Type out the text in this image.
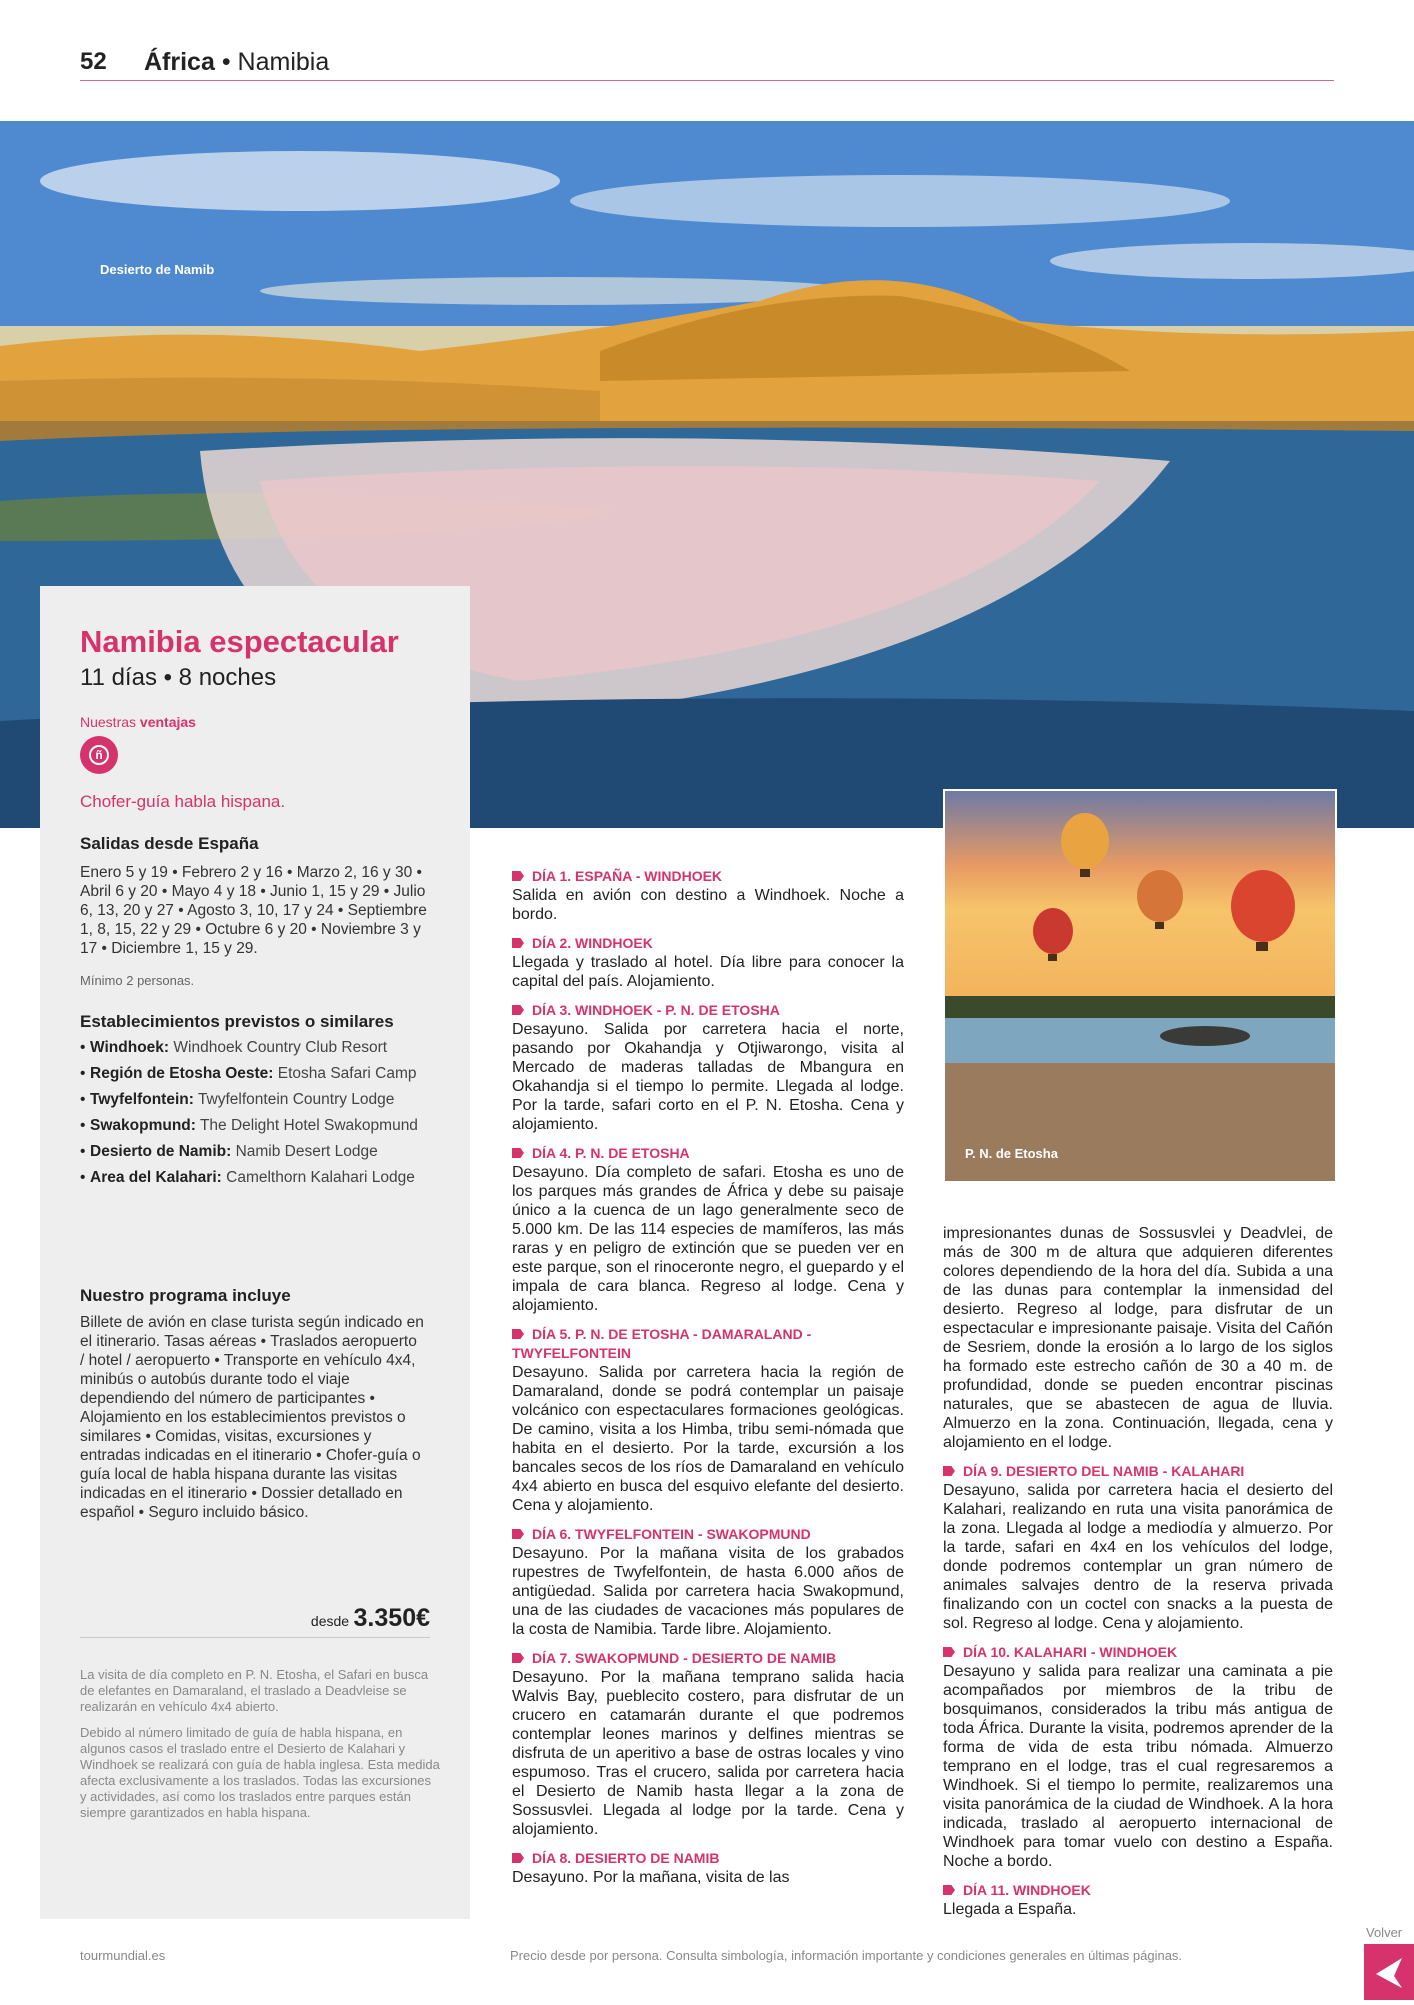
52 África • Namibia
Desierto de Namib
Namibia espectacular
11 días • 8 noches
Nuestras ventajas
ñ
Chofer-guía habla hispana.
Salidas desde España
Enero 5 y 19 • Febrero 2 y 16 • Marzo 2, 16 y 30 • Abril 6 y 20 • Mayo 4 y 18 • Junio 1, 15 y 29 • Julio 6, 13, 20 y 27 • Agosto 3, 10, 17 y 24 • Septiembre 1, 8, 15, 22 y 29 • Octubre 6 y 20 • Noviembre 3 y 17 • Diciembre 1, 15 y 29.
Mínimo 2 personas.
Establecimientos previstos o similares
• Windhoek: Windhoek Country Club Resort
• Región de Etosha Oeste: Etosha Safari Camp
• Twyfelfontein: Twyfelfontein Country Lodge
• Swakopmund: The Delight Hotel Swakopmund
• Desierto de Namib: Namib Desert Lodge
• Area del Kalahari: Camelthorn Kalahari Lodge
Nuestro programa incluye
Billete de avión en clase turista según indicado en el itinerario. Tasas aéreas • Traslados aeropuerto / hotel / aeropuerto • Transporte en vehículo 4x4, minibús o autobús durante todo el viaje dependiendo del número de participantes • Alojamiento en los establecimientos previstos o similares • Comidas, visitas, excursiones y entradas indicadas en el itinerario • Chofer-guía o guía local de habla hispana durante las visitas indicadas en el itinerario • Dossier detallado en español • Seguro incluido básico.
desde 3.350€
La visita de día completo en P. N. Etosha, el Safari en busca de elefantes en Damaraland, el traslado a Deadvleise se realizarán en vehículo 4x4 abierto.
Debido al número limitado de guía de habla hispana, en algunos casos el traslado entre el Desierto de Kalahari y Windhoek se realizará con guía de habla inglesa. Esta medida afecta exclusivamente a los traslados. Todas las excursiones y actividades, así como los traslados entre parques están siempre garantizados en habla hispana.
DÍA 1. ESPAÑA - WINDHOEK

Salida en avión con destino a Windhoek. Noche a bordo.

DÍA 2. WINDHOEK

Llegada y traslado al hotel. Día libre para conocer la capital del país. Alojamiento.

DÍA 3. WINDHOEK - P. N. DE ETOSHA

Desayuno. Salida por carretera hacia el norte, pasando por Okahandja y Otjiwarongo, visita al Mercado de maderas talladas de Mbangura en Okahandja si el tiempo lo permite. Llegada al lodge. Por la tarde, safari corto en el P. N. Etosha. Cena y alojamiento.

DÍA 4. P. N. DE ETOSHA

Desayuno. Día completo de safari. Etosha es uno de los parques más grandes de África y debe su paisaje único a la cuenca de un lago generalmente seco de 5.000 km. De las 114 especies de mamíferos, las más raras y en peligro de extinción que se pueden ver en este parque, son el rinoceronte negro, el guepardo y el impala de cara blanca. Regreso al lodge. Cena y alojamiento.

DÍA 5. P. N. DE ETOSHA - DAMARALAND - TWYFELFONTEIN

Desayuno. Salida por carretera hacia la región de Damaraland, donde se podrá contemplar un paisaje volcánico con espectaculares formaciones geológicas. De camino, visita a los Himba, tribu semi-nómada que habita en el desierto. Por la tarde, excursión a los bancales secos de los ríos de Damaraland en vehículo 4x4 abierto en busca del esquivo elefante del desierto. Cena y alojamiento.

DÍA 6. TWYFELFONTEIN - SWAKOPMUND

Desayuno. Por la mañana visita de los grabados rupestres de Twyfelfontein, de hasta 6.000 años de antigüedad. Salida por carretera hacia Swakopmund, una de las ciudades de vacaciones más populares de la costa de Namibia. Tarde libre. Alojamiento.

DÍA 7. SWAKOPMUND - DESIERTO DE NAMIB

Desayuno. Por la mañana temprano salida hacia Walvis Bay, pueblecito costero, para disfrutar de un crucero en catamarán durante el que podremos contemplar leones marinos y delfines mientras se disfruta de un aperitivo a base de ostras locales y vino espumoso. Tras el crucero, salida por carretera hacia el Desierto de Namib hasta llegar a la zona de Sossusvlei. Llegada al lodge por la tarde. Cena y alojamiento.

DÍA 8. DESIERTO DE NAMIB

Desayuno. Por la mañana, visita de las

P. N. de Etosha

impresionantes dunas de Sossusvlei y Deadvlei, de más de 300 m de altura que adquieren diferentes colores dependiendo de la hora del día. Subida a una de las dunas para contemplar la inmensidad del desierto. Regreso al lodge, para disfrutar de un espectacular e impresionante paisaje. Visita del Cañón de Sesriem, donde la erosión a lo largo de los siglos ha formado este estrecho cañón de 30 a 40 m. de profundidad, donde se pueden encontrar piscinas naturales, que se abastecen de agua de lluvia. Almuerzo en la zona. Continuación, llegada, cena y alojamiento en el lodge.

DÍA 9. DESIERTO DEL NAMIB - KALAHARI

Desayuno, salida por carretera hacia el desierto del Kalahari, realizando en ruta una visita panorámica de la zona. Llegada al lodge a mediodía y almuerzo. Por la tarde, safari en 4x4 en los vehículos del lodge, donde podremos contemplar un gran número de animales salvajes dentro de la reserva privada finalizando con un coctel con snacks a la puesta de sol. Regreso al lodge. Cena y alojamiento.

DÍA 10. KALAHARI - WINDHOEK

Desayuno y salida para realizar una caminata a pie acompañados por miembros de la tribu de bosquimanos, considerados la tribu más antigua de toda África. Durante la visita, podremos aprender de la forma de vida de esta tribu nómada. Almuerzo temprano en el lodge, tras el cual regresaremos a Windhoek. Si el tiempo lo permite, realizaremos una visita panorámica de la ciudad de Windhoek. A la hora indicada, traslado al aeropuerto internacional de Windhoek para tomar vuelo con destino a España. Noche a bordo.

DÍA 11. WINDHOEK

Llegada a España.

tourmundial.es	Precio desde por persona. Consulta simbología, información importante y condiciones generales en últimas páginas.
Volver
